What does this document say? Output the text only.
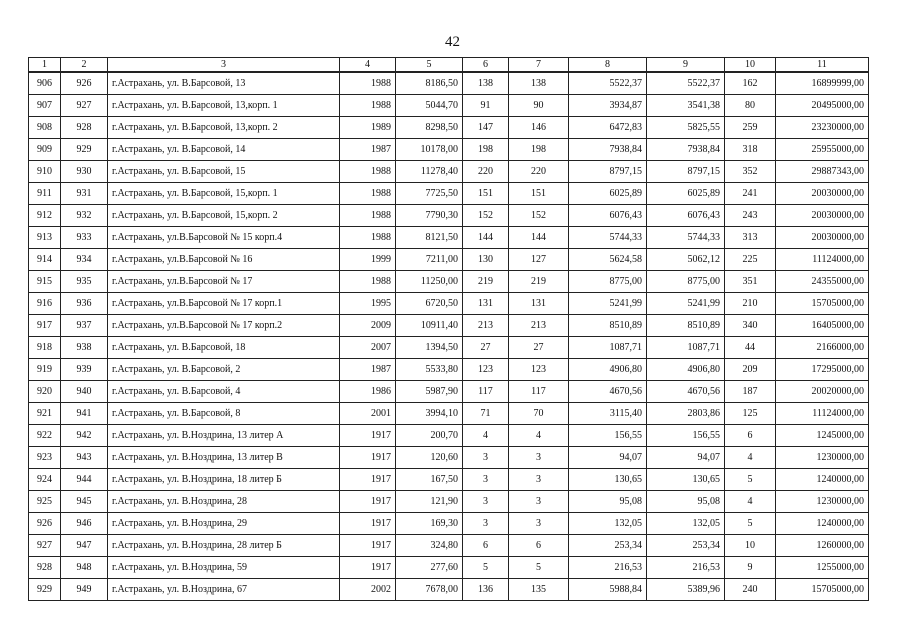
42
1	2	3	4	5	6	7	8	9	10	11
906	926	г.Астрахань, ул. В.Барсовой, 13	1988	8186,50	138	138	5522,37	5522,37	162	16899999,00
907	927	г.Астрахань, ул. В.Барсовой, 13,корп. 1	1988	5044,70	91	90	3934,87	3541,38	80	20495000,00
908	928	г.Астрахань, ул. В.Барсовой, 13,корп. 2	1989	8298,50	147	146	6472,83	5825,55	259	23230000,00
909	929	г.Астрахань, ул. В.Барсовой, 14	1987	10178,00	198	198	7938,84	7938,84	318	25955000,00
910	930	г.Астрахань, ул. В.Барсовой, 15	1988	11278,40	220	220	8797,15	8797,15	352	29887343,00
911	931	г.Астрахань, ул. В.Барсовой, 15,корп. 1	1988	7725,50	151	151	6025,89	6025,89	241	20030000,00
912	932	г.Астрахань, ул. В.Барсовой, 15,корп. 2	1988	7790,30	152	152	6076,43	6076,43	243	20030000,00
913	933	г.Астрахань, ул.В.Барсовой № 15 корп.4	1988	8121,50	144	144	5744,33	5744,33	313	20030000,00
914	934	г.Астрахань, ул.В.Барсовой № 16	1999	7211,00	130	127	5624,58	5062,12	225	11124000,00
915	935	г.Астрахань, ул.В.Барсовой № 17	1988	11250,00	219	219	8775,00	8775,00	351	24355000,00
916	936	г.Астрахань, ул.В.Барсовой № 17 корп.1	1995	6720,50	131	131	5241,99	5241,99	210	15705000,00
917	937	г.Астрахань, ул.В.Барсовой № 17 корп.2	2009	10911,40	213	213	8510,89	8510,89	340	16405000,00
918	938	г.Астрахань, ул. В.Барсовой, 18	2007	1394,50	27	27	1087,71	1087,71	44	2166000,00
919	939	г.Астрахань, ул. В.Барсовой, 2	1987	5533,80	123	123	4906,80	4906,80	209	17295000,00
920	940	г.Астрахань, ул. В.Барсовой, 4	1986	5987,90	117	117	4670,56	4670,56	187	20020000,00
921	941	г.Астрахань, ул. В.Барсовой, 8	2001	3994,10	71	70	3115,40	2803,86	125	11124000,00
922	942	г.Астрахань, ул. В.Ноздрина, 13 литер А	1917	200,70	4	4	156,55	156,55	6	1245000,00
923	943	г.Астрахань, ул. В.Ноздрина, 13 литер В	1917	120,60	3	3	94,07	94,07	4	1230000,00
924	944	г.Астрахань, ул. В.Ноздрина, 18 литер Б	1917	167,50	3	3	130,65	130,65	5	1240000,00
925	945	г.Астрахань, ул. В.Ноздрина, 28	1917	121,90	3	3	95,08	95,08	4	1230000,00
926	946	г.Астрахань, ул. В.Ноздрина, 29	1917	169,30	3	3	132,05	132,05	5	1240000,00
927	947	г.Астрахань, ул. В.Ноздрина, 28 литер Б	1917	324,80	6	6	253,34	253,34	10	1260000,00
928	948	г.Астрахань, ул. В.Ноздрина, 59	1917	277,60	5	5	216,53	216,53	9	1255000,00
929	949	г.Астрахань, ул. В.Ноздрина, 67	2002	7678,00	136	135	5988,84	5389,96	240	15705000,00
